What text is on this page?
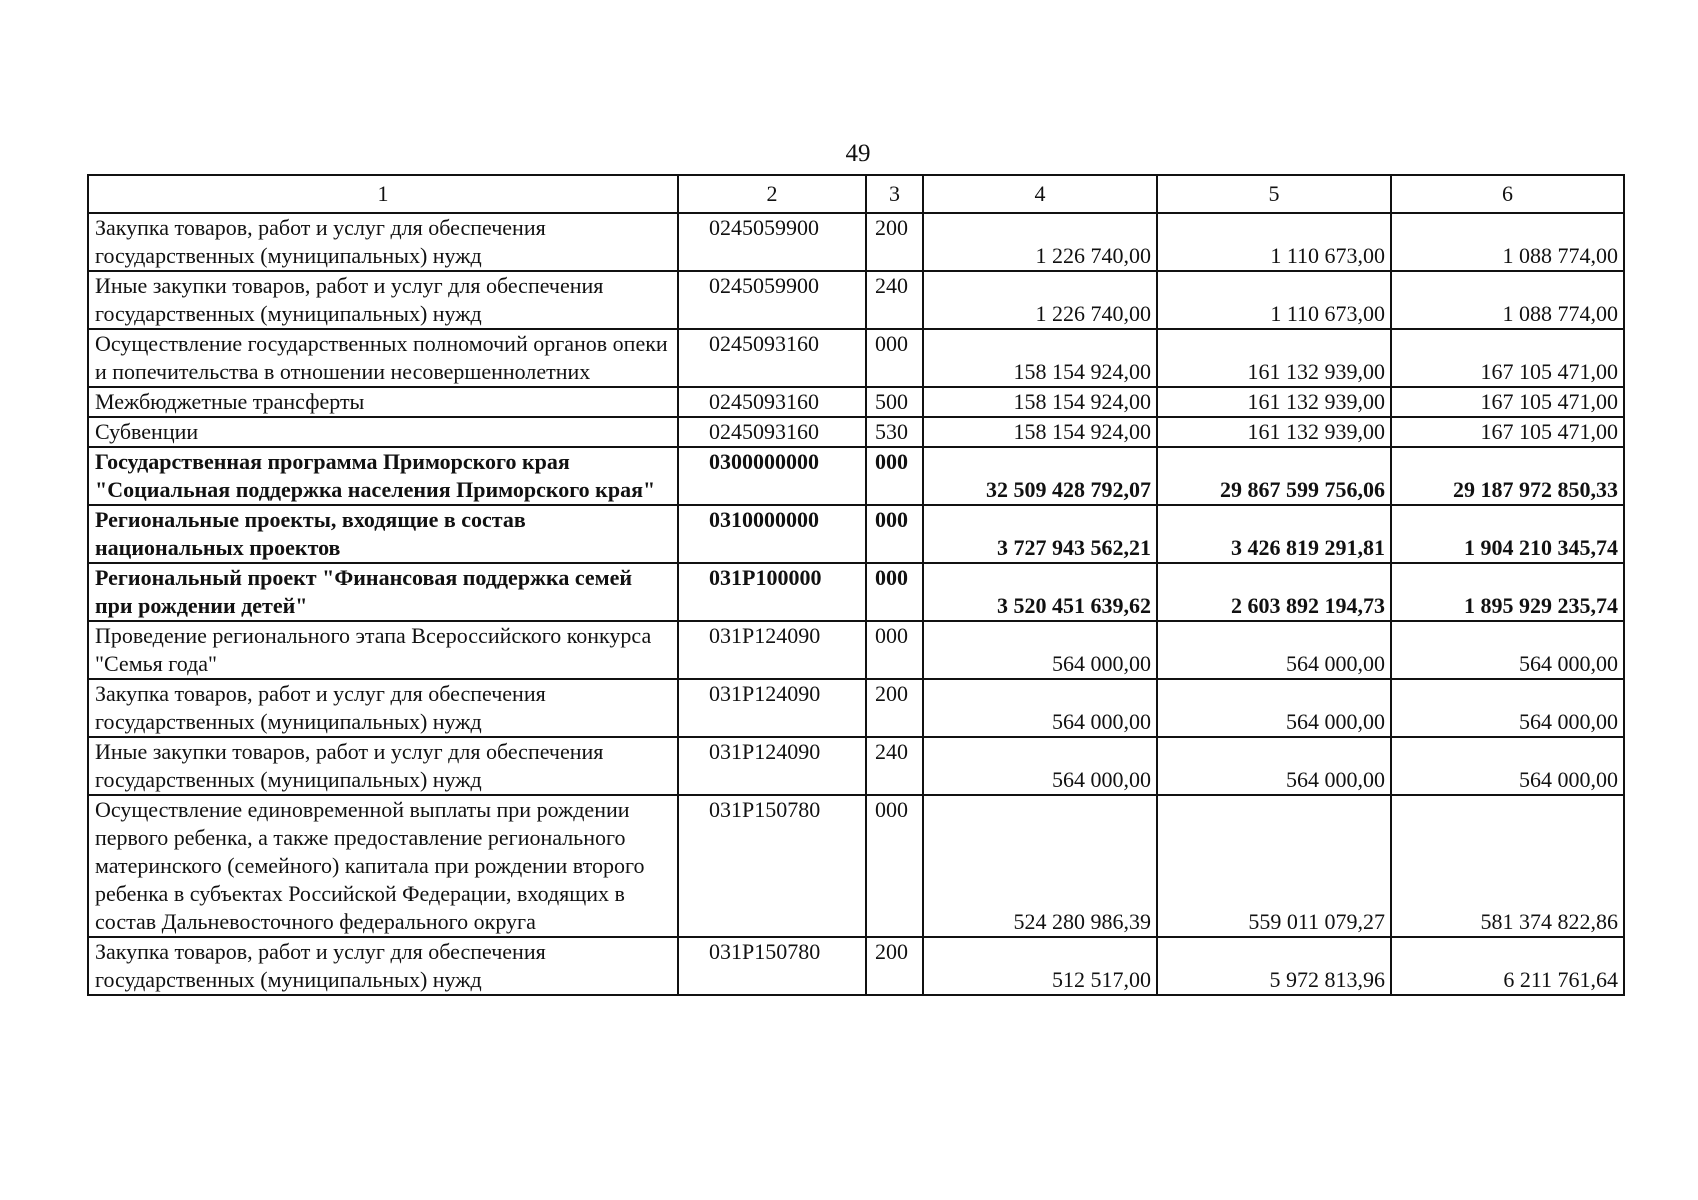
49
1	2	3	4	5	6
Закупка товаров, работ и услуг для обеспечения государственных (муниципальных) нужд	0245059900	200	1 226 740,00	1 110 673,00	1 088 774,00
Иные закупки товаров, работ и услуг для обеспечения государственных (муниципальных) нужд	0245059900	240	1 226 740,00	1 110 673,00	1 088 774,00
Осуществление государственных полномочий органов опеки и попечительства в отношении несовершеннолетних	0245093160	000	158 154 924,00	161 132 939,00	167 105 471,00
Межбюджетные трансферты	0245093160	500	158 154 924,00	161 132 939,00	167 105 471,00
Субвенции	0245093160	530	158 154 924,00	161 132 939,00	167 105 471,00
Государственная программа Приморского края "Социальная поддержка населения Приморского края"	0300000000	000	32 509 428 792,07	29 867 599 756,06	29 187 972 850,33
Региональные проекты, входящие в состав национальных проектов	0310000000	000	3 727 943 562,21	3 426 819 291,81	1 904 210 345,74
Региональный проект "Финансовая поддержка семей при рождении детей"	031P100000	000	3 520 451 639,62	2 603 892 194,73	1 895 929 235,74
Проведение регионального этапа Всероссийского конкурса "Семья года"	031P124090	000	564 000,00	564 000,00	564 000,00
Закупка товаров, работ и услуг для обеспечения государственных (муниципальных) нужд	031P124090	200	564 000,00	564 000,00	564 000,00
Иные закупки товаров, работ и услуг для обеспечения государственных (муниципальных) нужд	031P124090	240	564 000,00	564 000,00	564 000,00
Осуществление единовременной выплаты при рождении первого ребенка, а также предоставление регионального материнского (семейного) капитала при рождении второго ребенка в субъектах Российской Федерации, входящих в состав Дальневосточного федерального округа	031P150780	000	524 280 986,39	559 011 079,27	581 374 822,86
Закупка товаров, работ и услуг для обеспечения государственных (муниципальных) нужд	031P150780	200	512 517,00	5 972 813,96	6 211 761,64
